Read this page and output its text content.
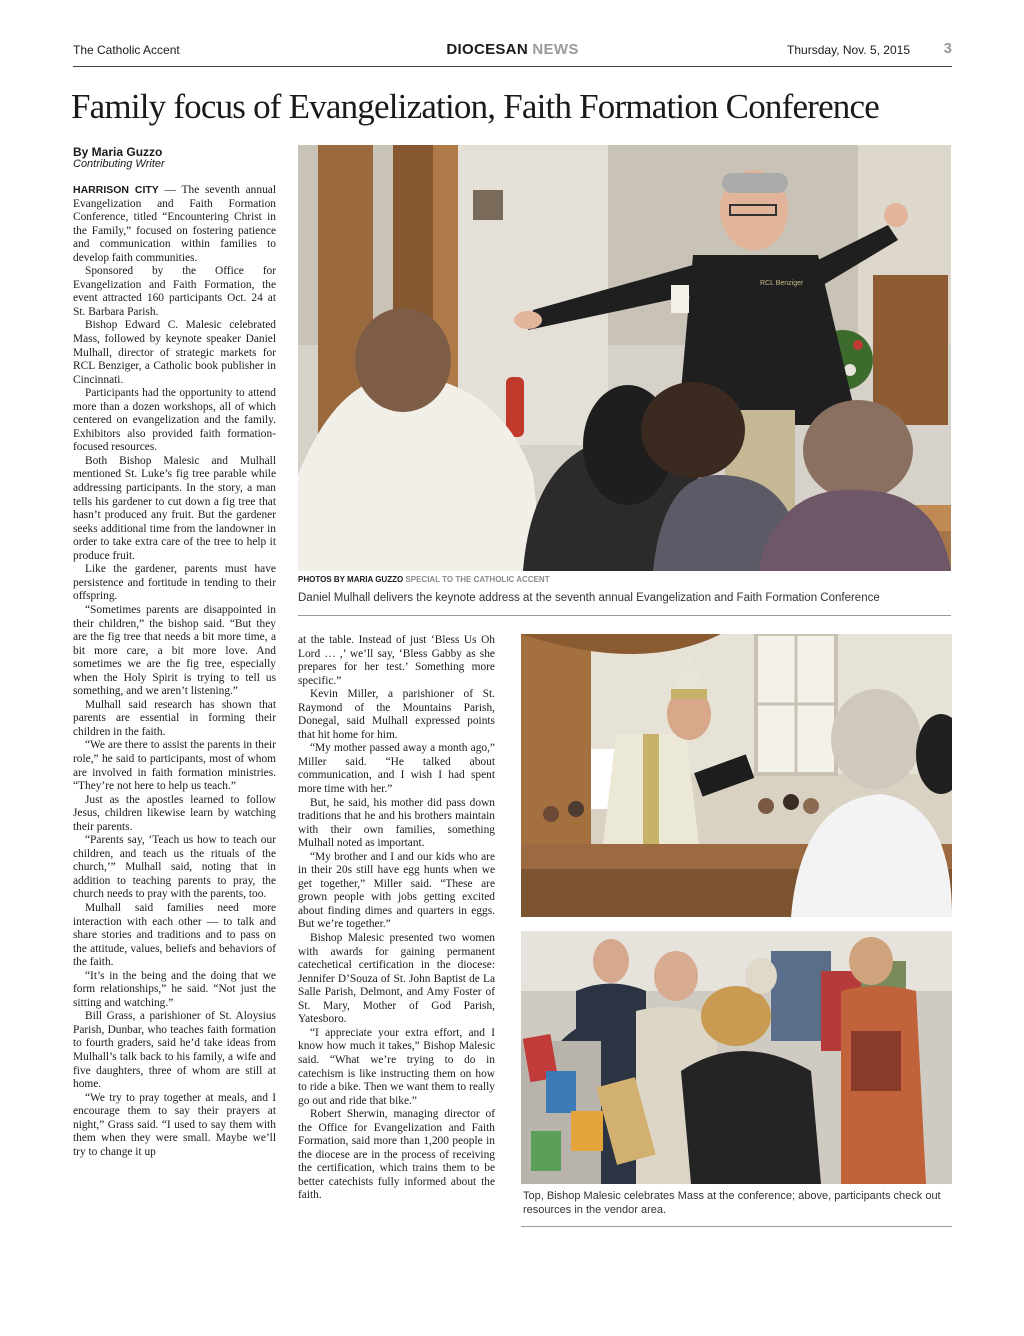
The Catholic Accent	DIOCESAN NEWS	Thursday, Nov. 5, 2015 3
Family focus of Evangelization, Faith Formation Conference
By Maria Guzzo
Contributing Writer

HARRISON CITY — The seventh annual Evangelization and Faith Formation Conference, titled “Encountering Christ in the Family,” focused on fostering patience and communication within families to develop faith communities.

Sponsored by the Office for Evangelization and Faith Formation, the event attracted 160 participants Oct. 24 at St. Barbara Parish.

Bishop Edward C. Malesic celebrated Mass, followed by keynote speaker Daniel Mulhall, director of strategic markets for RCL Benziger, a Catholic book publisher in Cincinnati.

Participants had the opportunity to attend more than a dozen workshops, all of which centered on evangelization and the family. Exhibitors also provided faith formation-focused resources.

Both Bishop Malesic and Mulhall mentioned St. Luke’s fig tree parable while addressing participants. In the story, a man tells his gardener to cut down a fig tree that hasn’t produced any fruit. But the gardener seeks additional time from the landowner in order to take extra care of the tree to help it produce fruit.

Like the gardener, parents must have persistence and fortitude in tending to their offspring.

“Sometimes parents are disappointed in their children,” the bishop said. “But they are the fig tree that needs a bit more time, a bit more care, a bit more love. And sometimes we are the fig tree, especially when the Holy Spirit is trying to tell us something, and we aren’t listening.”

Mulhall said research has shown that parents are essential in forming their children in the faith.

“We are there to assist the parents in their role,” he said to participants, most of whom are involved in faith formation ministries. “They’re not here to help us teach.”

Just as the apostles learned to follow Jesus, children likewise learn by watching their parents.

“Parents say, ‘Teach us how to teach our children, and teach us the rituals of the church,’” Mulhall said, noting that in addition to teaching parents to pray, the church needs to pray with the parents, too.

Mulhall said families need more interaction with each other — to talk and share stories and traditions and to pass on the attitude, values, beliefs and behaviors of the faith.

“It’s in the being and the doing that we form relationships,” he said. “Not just the sitting and watching.”

Bill Grass, a parishioner of St. Aloysius Parish, Dunbar, who teaches faith formation to fourth graders, said he’d take ideas from Mulhall’s talk back to his family, a wife and five daughters, three of whom are still at home.

“We try to pray together at meals, and I encourage them to say their prayers at night,” Grass said. “I used to say them with them when they were small. Maybe we’ll try to change it up

at the table. Instead of just ‘Bless Us Oh Lord … ,’ we’ll say, ‘Bless Gabby as she prepares for her test.’ Something more specific.”

Kevin Miller, a parishioner of St. Raymond of the Mountains Parish, Donegal, said Mulhall expressed points that hit home for him.

“My mother passed away a month ago,” Miller said. “He talked about communication, and I wish I had spent more time with her.”

But, he said, his mother did pass down traditions that he and his brothers maintain with their own families, something Mulhall noted as important.

“My brother and I and our kids who are in their 20s still have egg hunts when we get together,” Miller said. “These are grown people with jobs getting excited about finding dimes and quarters in eggs. But we’re together.”

Bishop Malesic presented two women with awards for gaining permanent catechetical certification in the diocese: Jennifer D’Souza of St. John Baptist de La Salle Parish, Delmont, and Amy Foster of St. Mary, Mother of God Parish, Yatesboro.

“I appreciate your extra effort, and I know how much it takes,” Bishop Malesic said. “What we’re trying to do in catechism is like instructing them on how to ride a bike. Then we want them to really go out and ride that bike.”

Robert Sherwin, managing director of the Office for Evangelization and Faith Formation, said more than 1,200 people in the diocese are in the process of receiving the certification, which trains them to be better catechists fully informed about the faith.

RCL Benziger
PHOTOS BY MARIA GUZZO SPECIAL TO THE CATHOLIC ACCENT
Daniel Mulhall delivers the keynote address at the seventh annual Evangelization and Faith Formation Conference
Top, Bishop Malesic celebrates Mass at the conference; above, participants check out resources in the vendor area.
